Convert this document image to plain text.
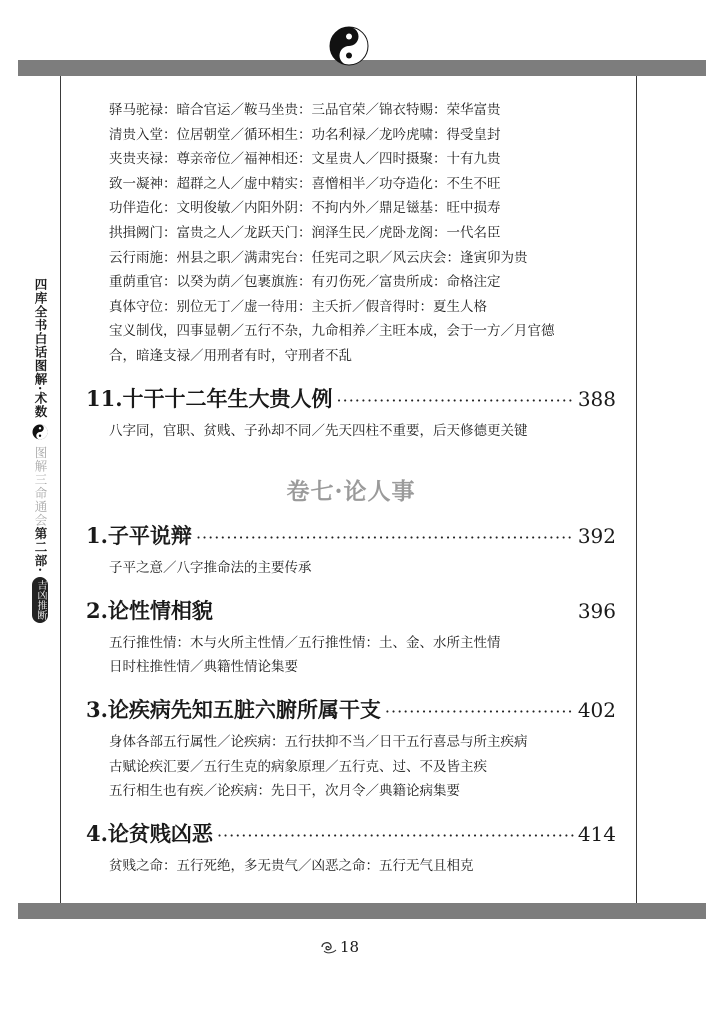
四库全书白话图解·术数
图解三命通会
第二部·
吉凶推断
驿马驼禄：暗合官运／鞍马坐贵：三品官荣／锦衣特赐：荣华富贵
清贵入堂：位居朝堂／循环相生：功名利禄／龙吟虎啸：得受皇封
夹贵夹禄：尊亲帝位／福神相还：文星贵人／四时摄聚：十有九贵
致一凝神：超群之人／虚中精实：喜憎相半／功夺造化：不生不旺
功伴造化：文明俊敏／内阳外阴：不拘内外／鼎足镃基：旺中损寿
拱揖阙门：富贵之人／龙跃天门：润泽生民／虎卧龙阁：一代名臣
云行雨施：州县之职／满肃宪台：任宪司之职／风云庆会：逢寅卯为贵
重荫重官：以癸为荫／包裹旗旌：有刃伤死／富贵所成：命格注定
真体守位：别位无丁／虚一待用：主夭折／假音得时：夏生人格
宝义制伐，四事显朝／五行不杂，九命相养／主旺本成，会于一方／月官德合，暗逢支禄／用刑者有时，守刑者不乱
11.十干十二年生大贵人例 ·····	388
八字同，官职、贫贱、子孙却不同／先天四柱不重要，后天修德更关键
卷七·论人事
1.子平说辩 ·····	392
子平之意／八字推命法的主要传承
2.论性情相貌	396
五行推性情：木与火所主性情／五行推性情：土、金、水所主性情
日时柱推性情／典籍性情论集要
3.论疾病先知五脏六腑所属干支 ·····	402
身体各部五行属性／论疾病：五行扶抑不当／日干五行喜忌与所主疾病
古赋论疾汇要／五行生克的病象原理／五行克、过、不及皆主疾
五行相生也有疾／论疾病：先日干，次月令／典籍论病集要
4.论贫贱凶恶 ·····	414
贫贱之命：五行死绝，多无贵气／凶恶之命：五行无气且相克
18
